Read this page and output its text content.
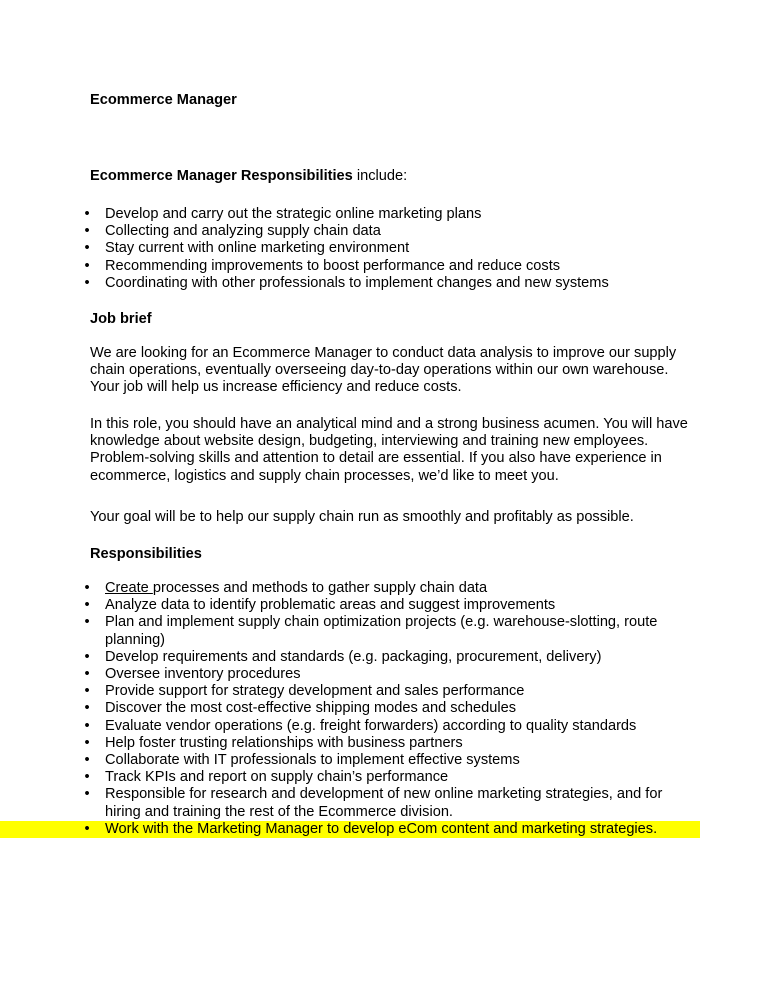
Ecommerce Manager

Ecommerce Manager Responsibilities include:

• Develop and carry out the strategic online marketing plans
• Collecting and analyzing supply chain data
• Stay current with online marketing environment
• Recommending improvements to boost performance and reduce costs
• Coordinating with other professionals to implement changes and new systems

Job brief

We are looking for an Ecommerce Manager to conduct data analysis to improve our supply chain operations, eventually overseeing day-to-day operations within our own warehouse. Your job will help us increase efficiency and reduce costs.

In this role, you should have an analytical mind and a strong business acumen. You will have knowledge about website design, budgeting, interviewing and training new employees. Problem-solving skills and attention to detail are essential. If you also have experience in ecommerce, logistics and supply chain processes, we’d like to meet you.

Your goal will be to help our supply chain run as smoothly and profitably as possible.

Responsibilities

• Create processes and methods to gather supply chain data
• Analyze data to identify problematic areas and suggest improvements
• Plan and implement supply chain optimization projects (e.g. warehouse-slotting, route planning)
• Develop requirements and standards (e.g. packaging, procurement, delivery)
• Oversee inventory procedures
• Provide support for strategy development and sales performance
• Discover the most cost-effective shipping modes and schedules
• Evaluate vendor operations (e.g. freight forwarders) according to quality standards
• Help foster trusting relationships with business partners
• Collaborate with IT professionals to implement effective systems
• Track KPIs and report on supply chain’s performance
• Responsible for research and development of new online marketing strategies, and for hiring and training the rest of the Ecommerce division.
• Work with the Marketing Manager to develop eCom content and marketing strategies.
